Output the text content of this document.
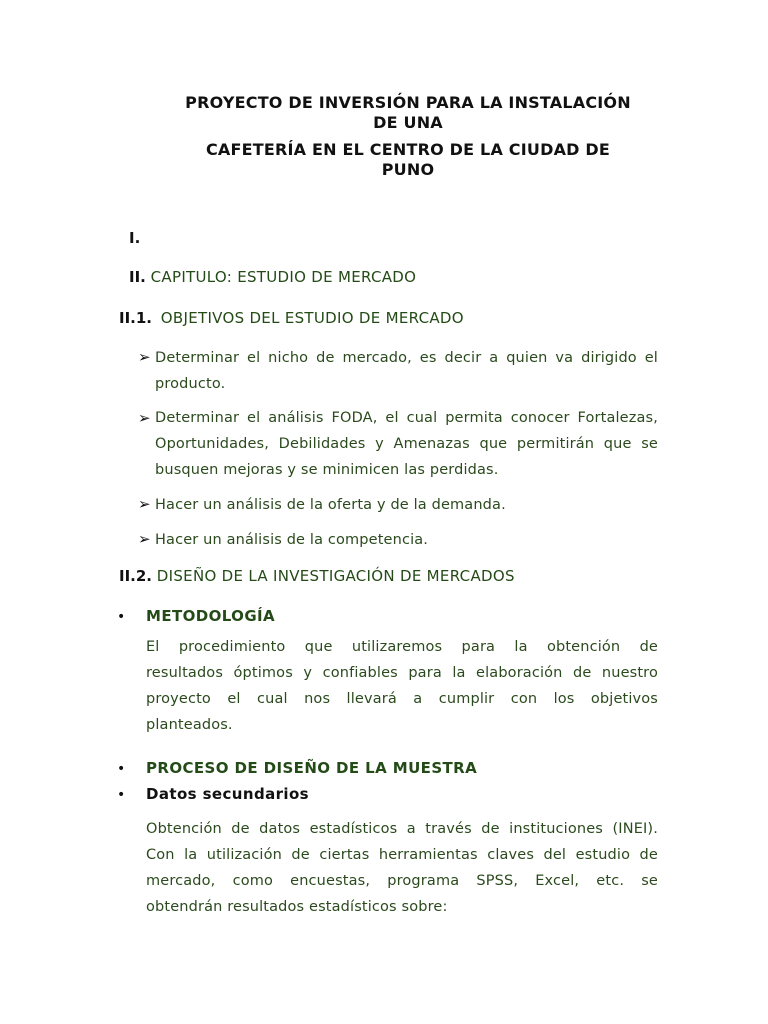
PROYECTO DE INVERSIÓN PARA LA INSTALACIÓN
DE UNA
CAFETERÍA EN EL CENTRO DE LA CIUDAD DE
PUNO
I.
II. CAPITULO: ESTUDIO DE MERCADO
II.1. OBJETIVOS DEL ESTUDIO DE MERCADO
➢ Determinar el nicho de mercado, es decir a quien va dirigido el
producto.
➢ Determinar el análisis FODA, el cual permita conocer Fortalezas,
Oportunidades, Debilidades y Amenazas que permitirán que se
busquen mejoras y se minimicen las perdidas.
➢ Hacer un análisis de la oferta y de la demanda.
➢ Hacer un análisis de la competencia.
II.2. DISEÑO DE LA INVESTIGACIÓN DE MERCADOS
• METODOLOGÍA
El procedimiento que utilizaremos para la obtención de
resultados óptimos y confiables para la elaboración de nuestro
proyecto el cual nos llevará a cumplir con los objetivos
planteados.
• PROCESO DE DISEÑO DE LA MUESTRA
• Datos secundarios
Obtención de datos estadísticos a través de instituciones (INEI).
Con la utilización de ciertas herramientas claves del estudio de
mercado, como encuestas, programa SPSS, Excel, etc. se
obtendrán resultados estadísticos sobre:
